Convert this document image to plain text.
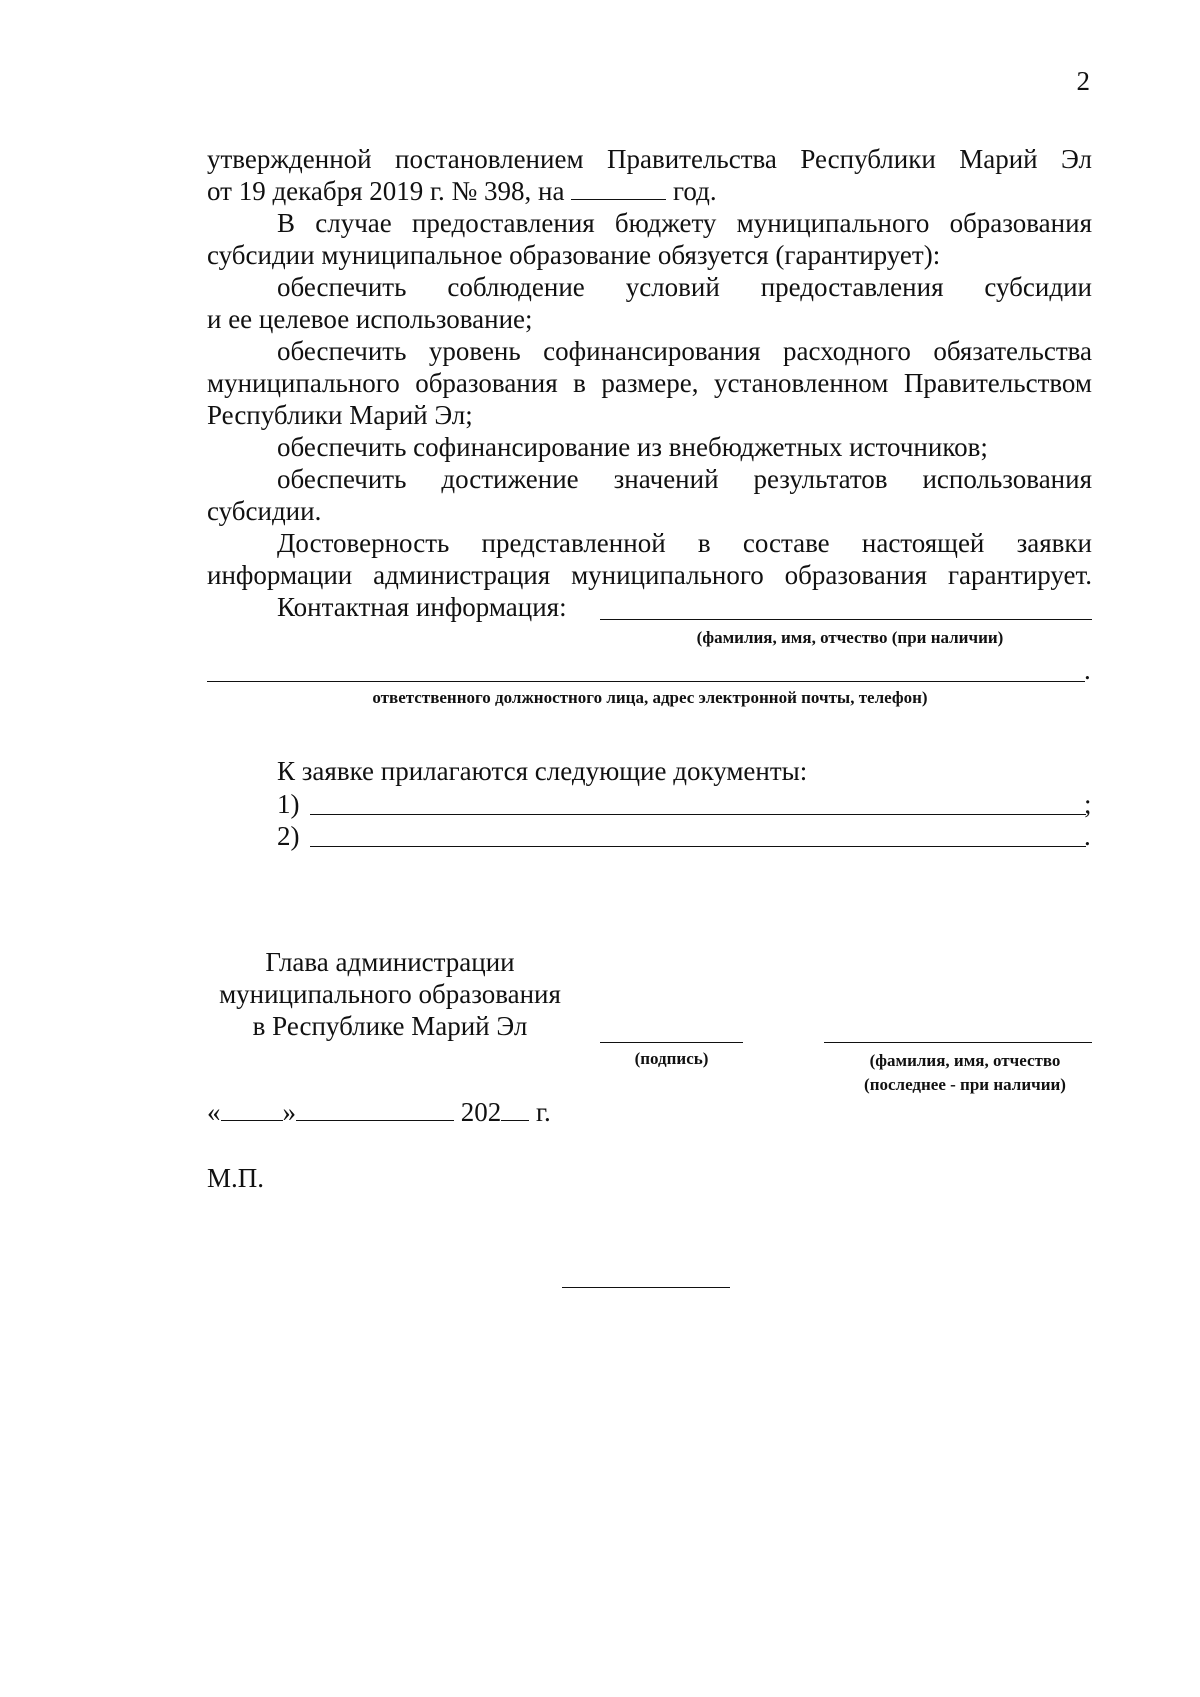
2
утвержденной постановлением Правительства Республики Марий Эл
от 19 декабря 2019 г. № 398, на	год.
В случае предоставления бюджету муниципального образования
субсидии муниципальное образование обязуется (гарантирует):
обеспечить соблюдение условий предоставления субсидии
и ее целевое использование;
обеспечить уровень софинансирования расходного обязательства
муниципального образования в размере, установленном Правительством
Республики Марий Эл;
обеспечить софинансирование из внебюджетных источников;
обеспечить достижение значений результатов использования
субсидии.
Достоверность представленной в составе настоящей заявки
информации администрация муниципального образования гарантирует.
Контактная информация:
(фамилия, имя, отчество (при наличии)
.
ответственного должностного лица, адрес электронной почты, телефон)
К заявке прилагаются следующие документы:
1)	;
2)	.
Глава администрации
муниципального образования
в Республике Марий Эл
(подпись)	(фамилия, имя, отчество
(последнее - при наличии)
« »	202 г.
М.П.
